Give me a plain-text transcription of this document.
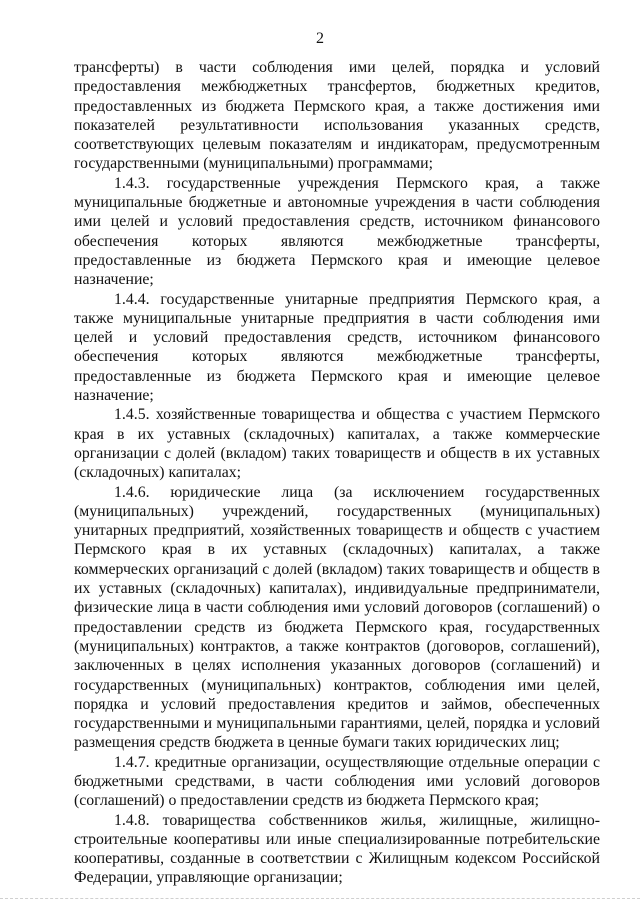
2

трансферты) в части соблюдения ими целей, порядка и условий предоставления межбюджетных трансфертов, бюджетных кредитов, предоставленных из бюджета Пермского края, а также достижения ими показателей результативности использования указанных средств, соответствующих целевым показателям и индикаторам, предусмотренным государственными (муниципальными) программами;

1.4.3. государственные учреждения Пермского края, а также муниципальные бюджетные и автономные учреждения в части соблюдения ими целей и условий предоставления средств, источником финансового обеспечения которых являются межбюджетные трансферты, предоставленные из бюджета Пермского края и имеющие целевое назначение;

1.4.4. государственные унитарные предприятия Пермского края, а также муниципальные унитарные предприятия в части соблюдения ими целей и условий предоставления средств, источником финансового обеспечения которых являются межбюджетные трансферты, предоставленные из бюджета Пермского края и имеющие целевое назначение;

1.4.5. хозяйственные товарищества и общества с участием Пермского края в их уставных (складочных) капиталах, а также коммерческие организации с долей (вкладом) таких товариществ и обществ в их уставных (складочных) капиталах;

1.4.6. юридические лица (за исключением государственных (муниципальных) учреждений, государственных (муниципальных) унитарных предприятий, хозяйственных товариществ и обществ с участием Пермского края в их уставных (складочных) капиталах, а также коммерческих организаций с долей (вкладом) таких товариществ и обществ в их уставных (складочных) капиталах), индивидуальные предприниматели, физические лица в части соблюдения ими условий договоров (соглашений) о предоставлении средств из бюджета Пермского края, государственных (муниципальных) контрактов, а также контрактов (договоров, соглашений), заключенных в целях исполнения указанных договоров (соглашений) и государственных (муниципальных) контрактов, соблюдения ими целей, порядка и условий предоставления кредитов и займов, обеспеченных государственными и муниципальными гарантиями, целей, порядка и условий размещения средств бюджета в ценные бумаги таких юридических лиц;

1.4.7. кредитные организации, осуществляющие отдельные операции с бюджетными средствами, в части соблюдения ими условий договоров (соглашений) о предоставлении средств из бюджета Пермского края;

1.4.8. товарищества собственников жилья, жилищные, жилищно-строительные кооперативы или иные специализированные потребительские кооперативы, созданные в соответствии с Жилищным кодексом Российской Федерации, управляющие организации;
